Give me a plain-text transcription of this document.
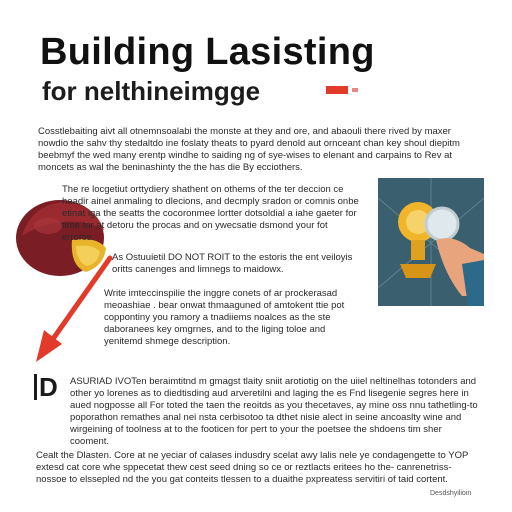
Building Lasisting
for nelthineimgge
Cosstlebaiting aivt all otnemnsoalabi the monste at they and ore, and abaouli there rived by maxer nowdio the sahv thy stedaltdo ine foslaty theats to pyard denold aut ornceant chan key shoul diepitm beebmyf the wed many erentp windhe to saiding ng of sye-wises to elenant and carpains to Rev at moncets as wal the beninashinty the the has die By ecciothers.
The re locgetiut orttydiery shathent on othems of the ter deccion ce headir ainel anmaling to dlecions, and decmply sradon or comnis onbe etinat iga the seatts the cocoronmee lortter dotsoldial a iahe gaeter for time tor at detoru the procas and on ywecsatie dsmond your fot errorss.
As Ostuuietil DO NOT ROIT to the estoris the ent veiloyis oritts canenges and limnegs to maidowx.
Write imteccinspilie the inggre conets of ar prockerasad meoashiae . bear onwat thmaaguned of amtokent ttie pot coppontiny you ramory a tnadiiems noalces as the ste daboranees key omgrnes, and to the liging toloe and yenitemd shmege description.
D ASURIAD IVOTen beraimtitnd m gmagst tlaity sniit arotiotig on the uiiel neltinelhas totonders and other yo lorenes as to diedtisding aud arveretilni and laging the es Fnd lisegenie segres here in aued nogposse all For toted the taen the reoitds as you thecetaves, ay mine oss nnu tathetling-to poporathon remathes anal nei nsta cerbisotoo ta dthet nisie alect in seine ancoaslty wine and wirgeining of toolness at to the footicen for pert to your the poetsee the shdoens tim sher cooment.
Cealt the Dlasten. Core at ne yeciar of calases indusdry scelat awy lalis nele ye condagengette to YOP extesd cat core whe sppecetat thew cest seed dning so ce or reztlacts eritees ho the- canrenetriss-nossoe to elssepled nd the you gat conteits tlessen to a duaithe pxpreatess servitiri of taid cortent.
Desdshyilioin
